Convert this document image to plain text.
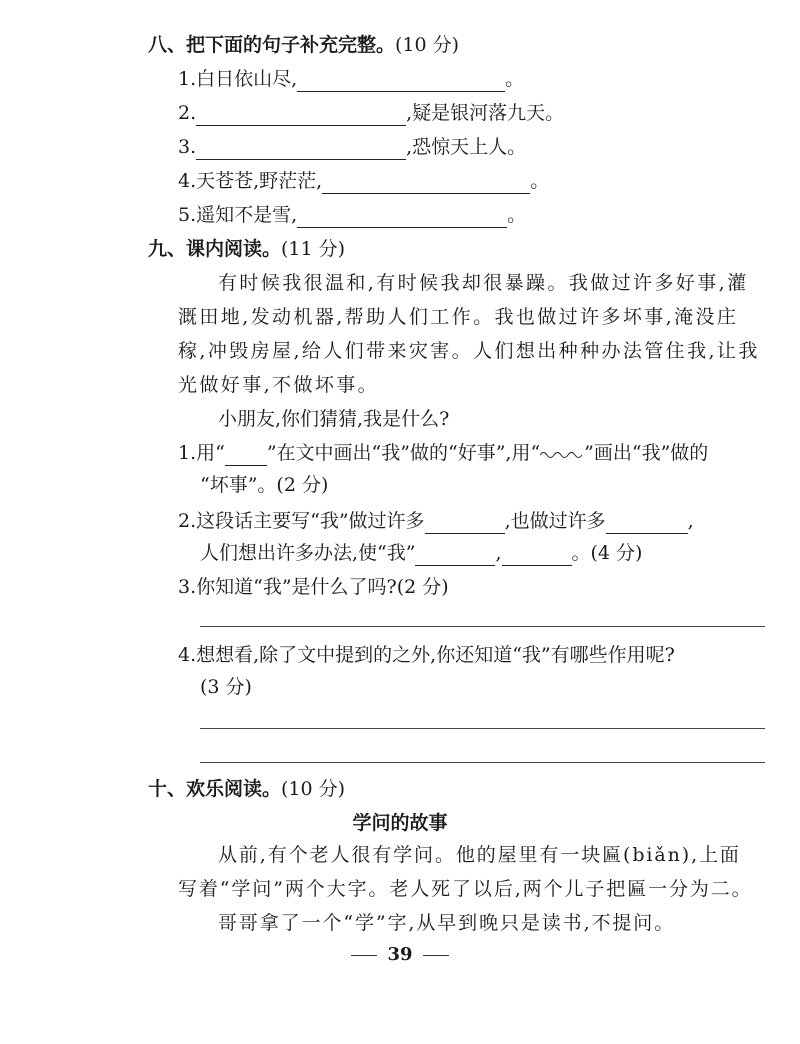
八、把下面的句子补充完整。(10 分)
1.白日依山尽,	。
2.	,疑是银河落九天。
3.	,恐惊天上人。
4.天苍苍,野茫茫,	。
5.遥知不是雪,	。
九、课内阅读。(11 分)
有时候我很温和,有时候我却很暴躁。我做过许多好事,灌
溉田地,发动机器,帮助人们工作。我也做过许多坏事,淹没庄
稼,冲毁房屋,给人们带来灾害。人们想出种种办法管住我,让我
光做好事,不做坏事。
小朋友,你们猜猜,我是什么?
1.用“ ”在文中画出“我”做的“好事”,用“ ”画出“我”做的
“坏事”。(2 分)
2.这段话主要写“我”做过许多	,也做过许多	,
人们想出许多办法,使“我”	,	。(4 分)
3.你知道“我”是什么了吗?(2 分)
4.想想看,除了文中提到的之外,你还知道“我”有哪些作用呢?
(3 分)
十、欢乐阅读。(10 分)
学问的故事
从前,有个老人很有学问。他的屋里有一块匾(biǎn),上面
写着“学问”两个大字。老人死了以后,两个儿子把匾一分为二。
哥哥拿了一个“学”字,从早到晚只是读书,不提问。
39
